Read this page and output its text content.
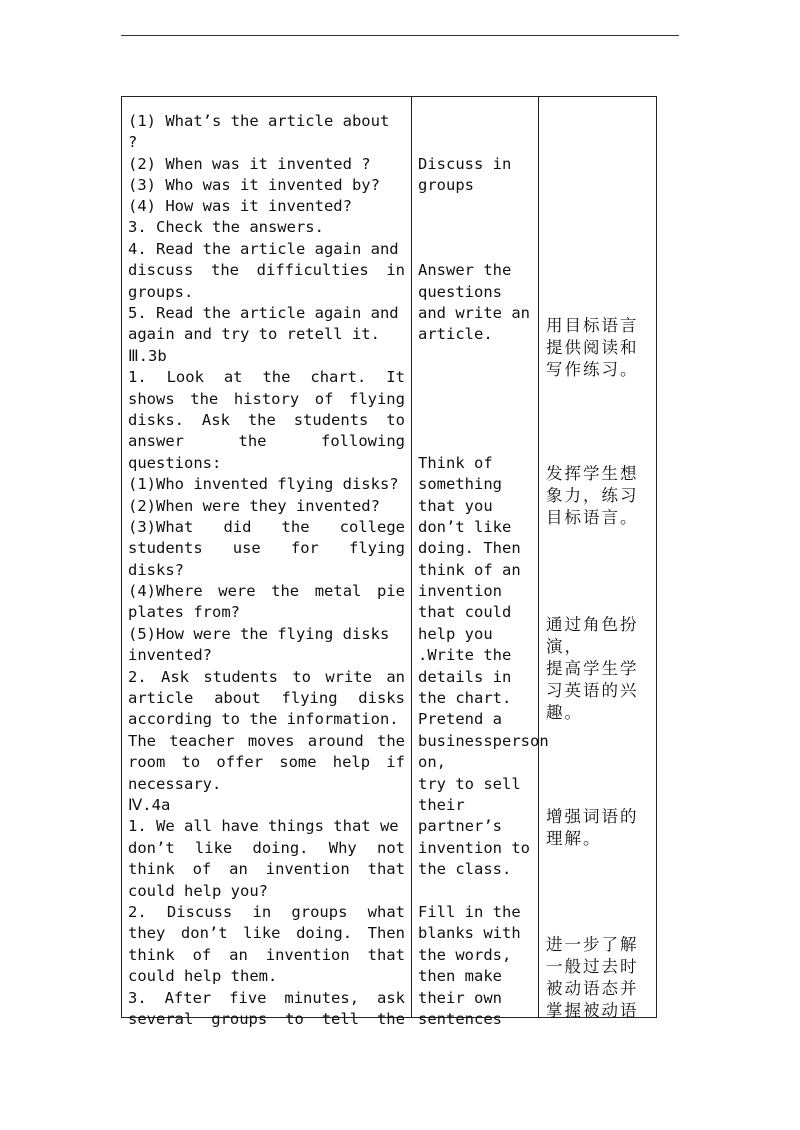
(1) What’s the article about
?
(2) When was it invented ?
(3) Who was it invented by?
(4) How was it invented?
3. Check the answers.
4. Read the article again and
discuss the difficulties in
groups.
5. Read the article again and
again and try to retell it.
Ⅲ.3b
1. Look at the chart. It
shows the history of flying
disks. Ask the students to
answer	the	following
questions:
(1)Who invented flying disks?
(2)When were they invented?
(3)What did the college
students use for flying
disks?
(4)Where were the metal pie
plates from?
(5)How were the flying disks
invented?
2. Ask students to write an
article about flying disks
according to the information.
The teacher moves around the
room to offer some help if
necessary.
Ⅳ.4a
1. We all have things that we
don’t like doing. Why not
think of an invention that
could help you?
2. Discuss in groups what
they don’t like doing. Then
think of an invention that
could help them.
3. After five minutes, ask
several groups to tell the
Discuss in
groups
Answer the
questions
and write an
article.
Think of
something
that you
don’t like
doing. Then
think of an
invention
that could
help you
.Write the
details in
the chart.
Pretend a
businessperson
on,
try to sell
their
partner’s
invention to
the class.
Fill in the
blanks with
the words,
then make
their own
sentences
用目标语言
提供阅读和
写作练习。
发挥学生想
象力，练习
目标语言。
通过角色扮
演，
提高学生学
习英语的兴
趣。
增强词语的
理解。
进一步了解
一般过去时
被动语态并
掌握被动语
